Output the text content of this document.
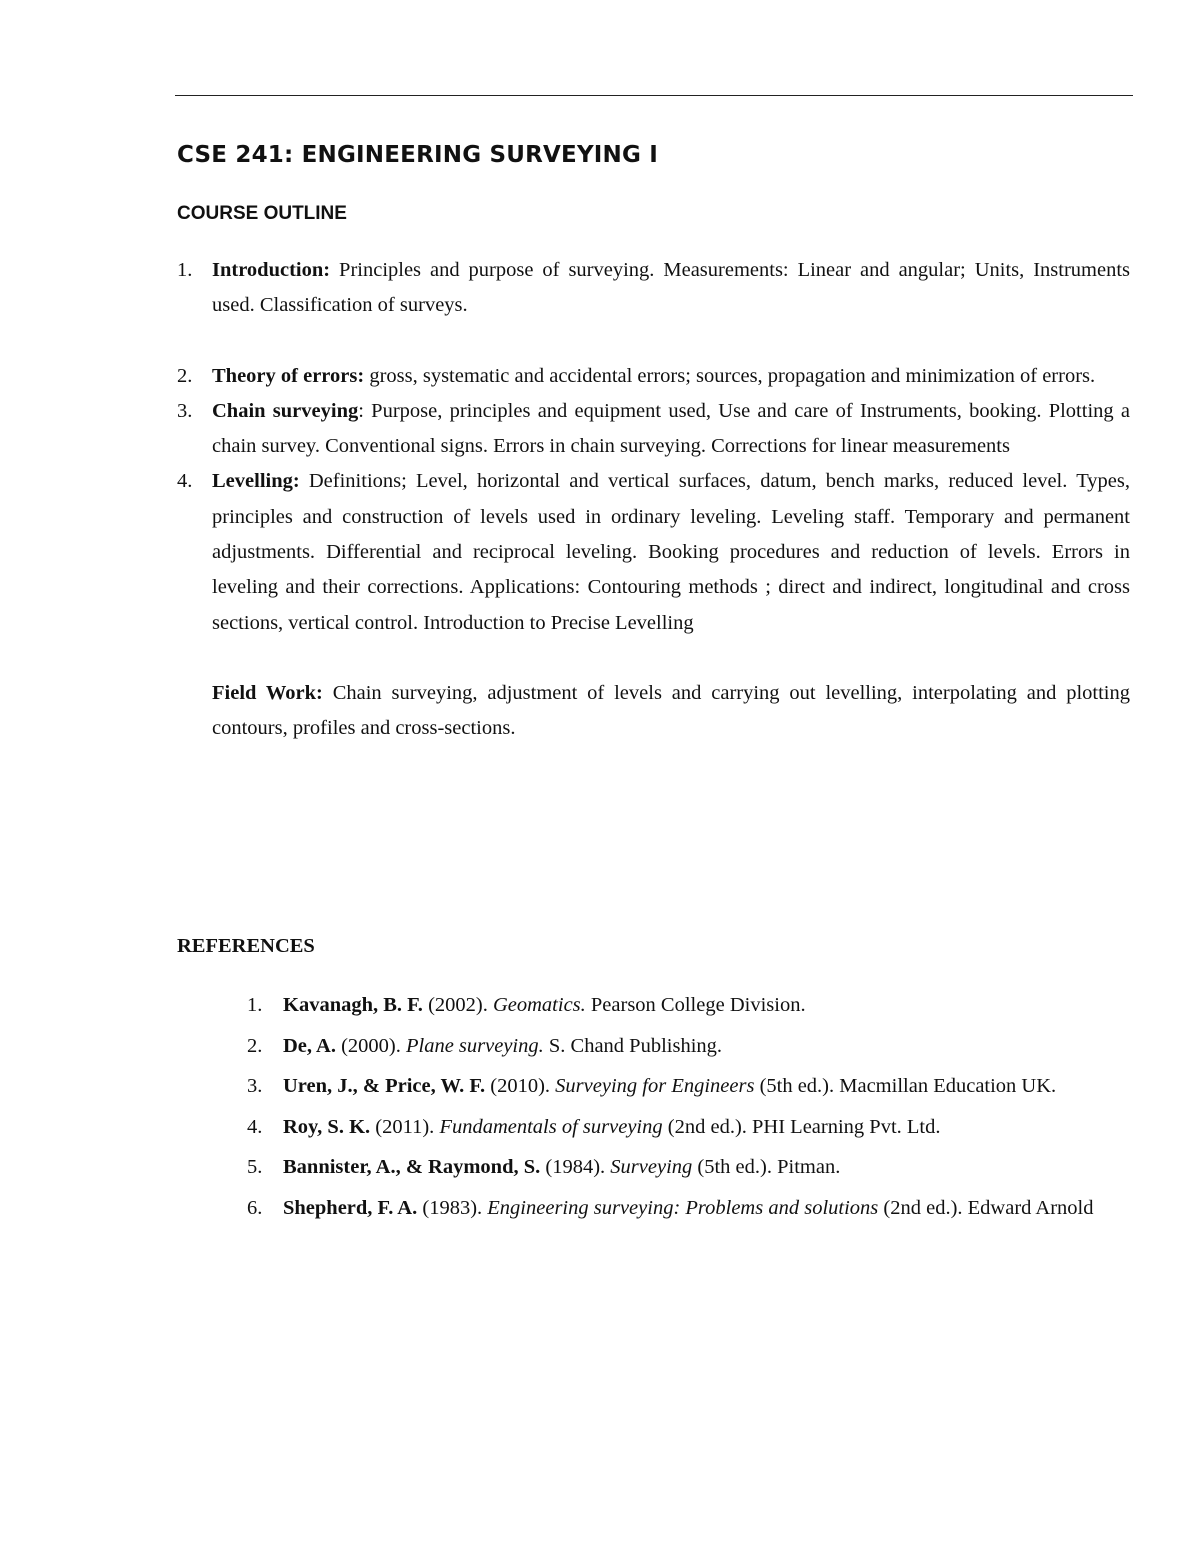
CSE 241: ENGINEERING SURVEYING I
COURSE OUTLINE
1. Introduction: Principles and purpose of surveying. Measurements: Linear and angular; Units, Instruments used. Classification of surveys.
2. Theory of errors: gross, systematic and accidental errors; sources, propagation and minimization of errors.
3. Chain surveying: Purpose, principles and equipment used, Use and care of Instruments, booking. Plotting a chain survey. Conventional signs. Errors in chain surveying. Corrections for linear measurements
4. Levelling: Definitions; Level, horizontal and vertical surfaces, datum, bench marks, reduced level. Types, principles and construction of levels used in ordinary leveling. Leveling staff. Temporary and permanent adjustments. Differential and reciprocal leveling. Booking procedures and reduction of levels. Errors in leveling and their corrections. Applications: Contouring methods ; direct and indirect, longitudinal and cross sections, vertical control. Introduction to Precise Levelling
Field Work: Chain surveying, adjustment of levels and carrying out levelling, interpolating and plotting contours, profiles and cross-sections.
REFERENCES
1. Kavanagh, B. F. (2002). Geomatics. Pearson College Division.
2. De, A. (2000). Plane surveying. S. Chand Publishing.
3. Uren, J., & Price, W. F. (2010). Surveying for Engineers (5th ed.). Macmillan Education UK.
4. Roy, S. K. (2011). Fundamentals of surveying (2nd ed.). PHI Learning Pvt. Ltd.
5. Bannister, A., & Raymond, S. (1984). Surveying (5th ed.). Pitman.
6. Shepherd, F. A. (1983). Engineering surveying: Problems and solutions (2nd ed.). Edward Arnold
